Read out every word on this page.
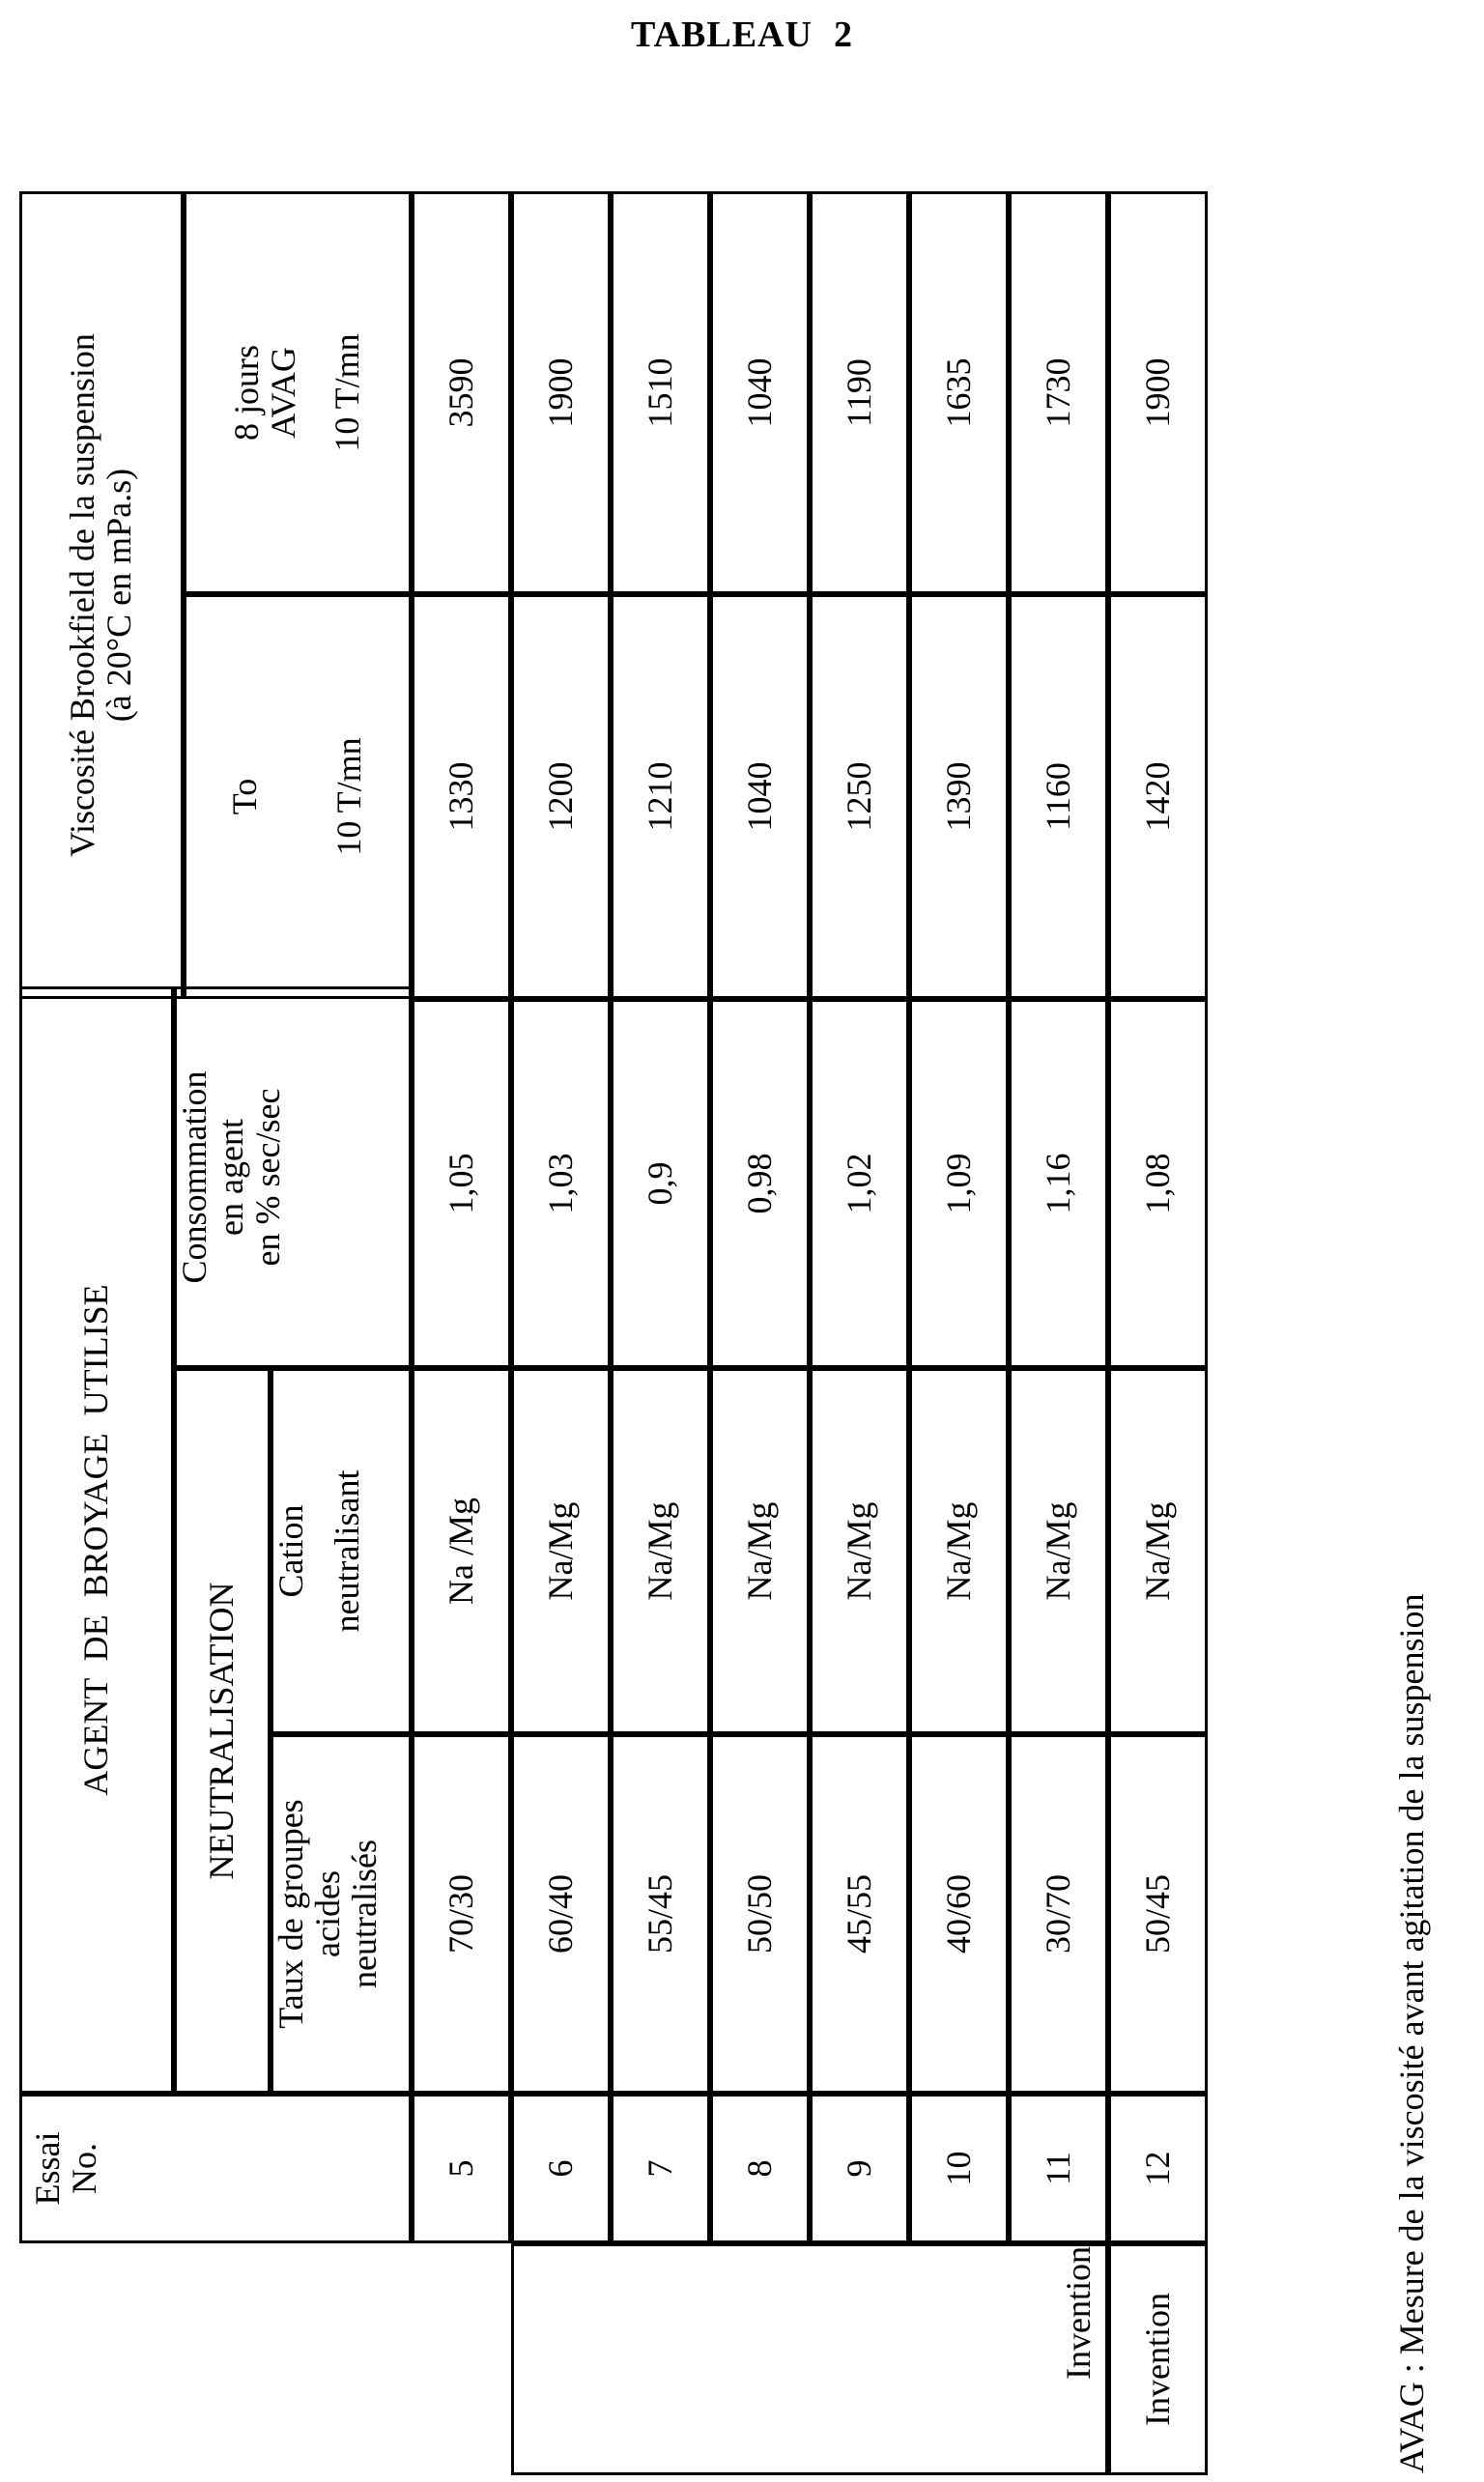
TABLEAU 2
Essai
No.
AGENT  DE  BROYAGE  UTILISE	NEUTRALISATION
Taux de groupes
acides
neutralisés
Cation neutralisant
Consommation
en agent
en % sec/sec
Viscosité Brookfield de la suspension
(à 20°C en mPa.s)
To 10 T/mn
8 jours
AVAG 10 T/mn
Invention Invention
5
70/30
Na /Mg
1,05
1330
3590
6
60/40
Na/Mg
1,03
1200
1900
7
55/45
Na/Mg
0,9
1210
1510
8
50/50
Na/Mg
0,98
1040
1040
9
45/55
Na/Mg
1,02
1250
1190
10
40/60
Na/Mg
1,09
1390
1635
11
30/70
Na/Mg
1,16
1160
1730
12
50/45
Na/Mg
1,08
1420
1900
AVAG : Mesure de la viscosité avant agitation de la suspension
